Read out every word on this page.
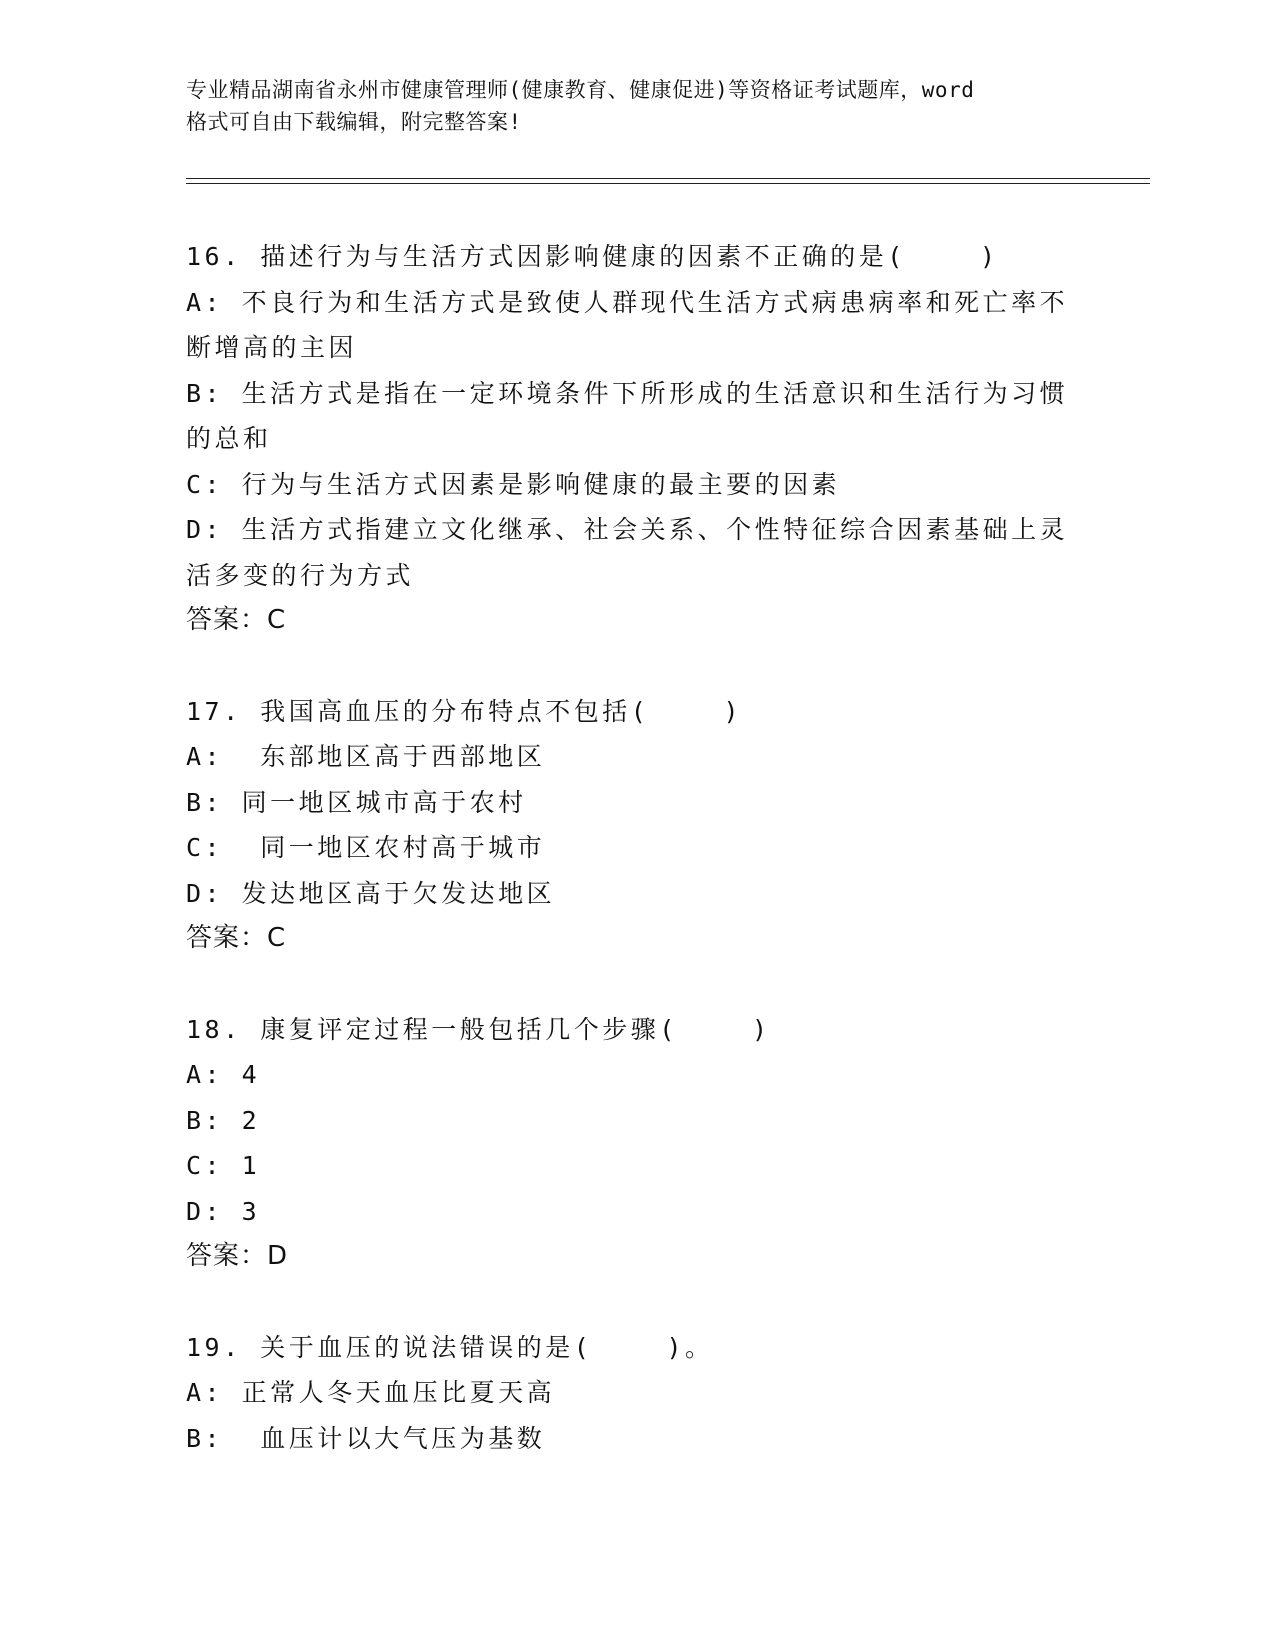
专业精品湖南省永州市健康管理师(健康教育、健康促进)等资格证考试题库，word
格式可自由下载编辑，附完整答案!

16. 描述行为与生活方式因影响健康的因素不正确的是(    )

A: 不良行为和生活方式是致使人群现代生活方式病患病率和死亡率不

断增高的主因

B: 生活方式是指在一定环境条件下所形成的生活意识和生活行为习惯

的总和

C: 行为与生活方式因素是影响健康的最主要的因素

D: 生活方式指建立文化继承、社会关系、个性特征综合因素基础上灵

活多变的行为方式

答案：C

17. 我国高血压的分布特点不包括(    )

A:  东部地区高于西部地区

B: 同一地区城市高于农村

C:  同一地区农村高于城市

D: 发达地区高于欠发达地区

答案：C

18. 康复评定过程一般包括几个步骤(    )

A: 4

B: 2

C: 1

D: 3

答案：D

19. 关于血压的说法错误的是(    )。

A: 正常人冬天血压比夏天高

B:  血压计以大气压为基数
